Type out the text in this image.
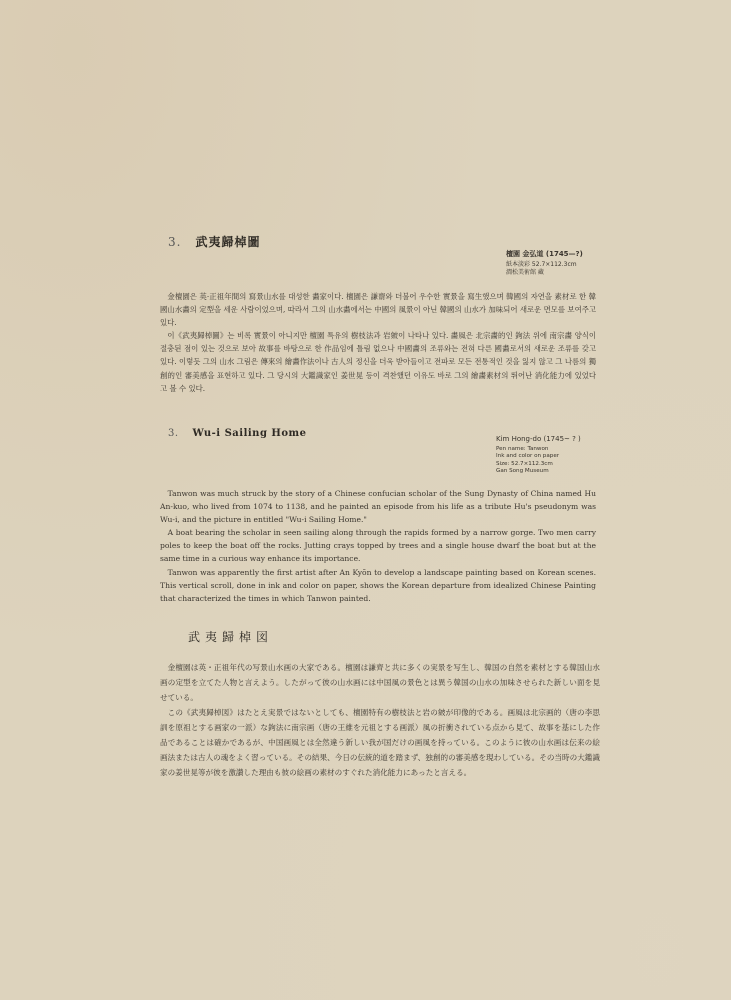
3. 武夷歸棹圖
檀園 金弘道 (1745—?)
紙本淡彩 52.7×112.3cm
澗松美術館 藏

金檀園은 英·正祖年間의 寫景山水를 대성한 畵家이다. 檀園은 謙齋와 더불어 우수한 實景을 寫生했으며 韓國의 자연을 素材로 한 韓國山水畵의 定型을 세운 사람이었으며, 따라서 그의 山水畵에서는 中國의 風景이 아닌 韓國의 山水가 加味되어 새로운 면모를 보여주고 있다.

이《武夷歸棹圖》는 비록 實景이 아니지만 檀園 특유의 樹枝法과 岩皴이 나타나 있다. 畵風은 北宗畵的인 鉤法 위에 南宗畵 양식이 절충된 점이 있는 것으로 보아 故事를 바탕으로 한 作品임에 틀림 없으나 中國畵의 조류와는 전혀 다른 國畵로서의 새로운 조류를 갖고 있다. 이렇듯 그의 山水 그림은 傳來의 繪畵作法이나 古人의 정신을 더욱 받아들이고 전파로 모든 전통적인 것을 잃지 않고 그 나름의 獨創的인 審美感을 표현하고 있다. 그 당시의 大鑑識家인 姜世晃 등이 격찬했던 이유도 바로 그의 繪畵素材의 뛰어난 消化能力에 있었다고 볼 수 있다.

3. Wu-i Sailing Home	Kim Hong-do (1745~ ? )
Pen name: Tanwon
Ink and color on paper
Size: 52.7×112.3cm
Gan Song Museum

Tanwon was much struck by the story of a Chinese confucian scholar of the Sung Dynasty of China named Hu An-kuo, who lived from 1074 to 1138, and he painted an episode from his life as a tribute Hu's pseudonym was Wu-i, and the picture in entitled "Wu-i Sailing Home."

A boat bearing the scholar in seen sailing along through the rapids formed by a narrow gorge. Two men carry poles to keep the boat off the rocks. Jutting crays topped by trees and a single house dwarf the boat but at the same time in a curious way enhance its importance.

Tanwon was apparently the first artist after An Kyŏn to develop a landscape painting based on Korean scenes. This vertical scroll, done in ink and color on paper, shows the Korean departure from idealized Chinese Painting that characterized the times in which Tanwon painted.

武夷歸棹図

金檀園は英・正祖年代の写景山水画の大家である。檀園は謙齊と共に多くの実景を写生し、韓国の自然を素材とする韓国山水画の定型を立てた人物と言えよう。したがって彼の山水画には中国風の景色とは異う韓国の山水の加味させられた新しい面を見せている。

この《武夷歸棹図》はたとえ実景ではないとしても、檀園特有の樹枝法と岩の皴が印像的である。画風は北宗画的（唐の李思訓を原祖とする画家の一派）な鉤法に南宗画（唐の王維を元祖とする画派）風の折衝されている点から見て、故事を基にした作品であることは確かであるが、中国画風とは全然違う新しい我が国だけの画風を持っている。このように彼の山水画は伝来の絵画法または古人の魂をよく習っている。その結果、今日の伝統的道を踏まず、独創的の審美感を現わしている。その当時の大鑑識家の姜世晃等が彼を激讃した理由も彼の絵画の素材のすぐれた消化能力にあったと言える。
